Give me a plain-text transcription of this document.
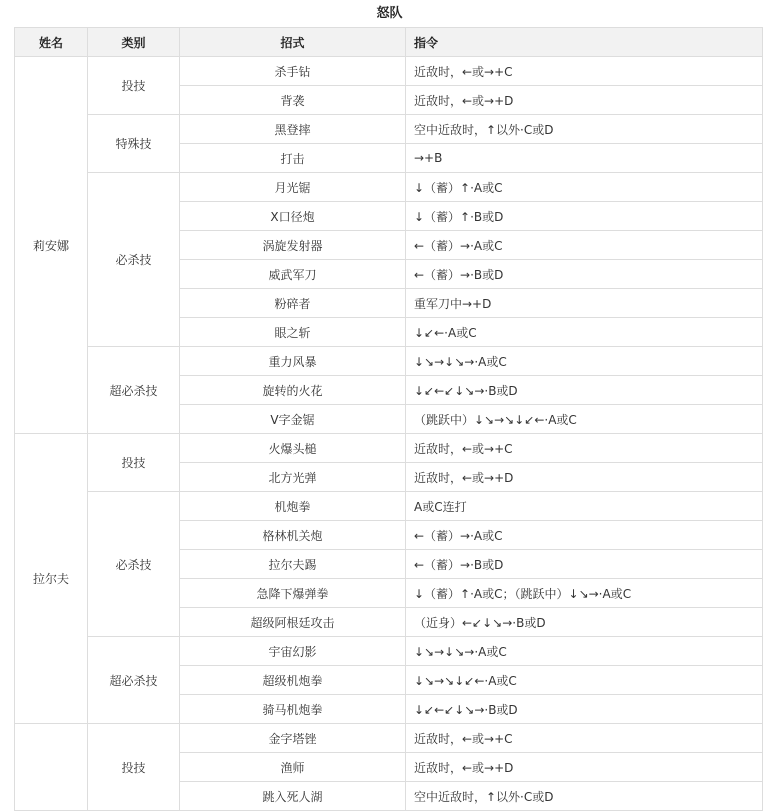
怒队
姓名	类别	招式	指令
莉安娜	投技	杀手钻	近敌时，←或→+C
		背袭	近敌时，←或→+D
	特殊技	黑登摔	空中近敌时，↑以外·C或D
		打击	→+B
	必杀技	月光锯	↓（蓄）↑·A或C
		X口径炮	↓（蓄）↑·B或D
		涡旋发射器	←（蓄）→·A或C
		威武军刀	←（蓄）→·B或D
		粉碎者	重军刀中→+D
		眼之斩	↓↙←·A或C
	超必杀技	重力风暴	↓↘→↓↘→·A或C
		旋转的火花	↓↙←↙↓↘→·B或D
		V字金锯	（跳跃中）↓↘→↘↓↙←·A或C
拉尔夫	投技	火爆头槌	近敌时，←或→+C
		北方光弹	近敌时，←或→+D
	必杀技	机炮拳	A或C连打
		格林机关炮	←（蓄）→·A或C
		拉尔夫踢	←（蓄）→·B或D
		急降下爆弹拳	↓（蓄）↑·A或C；（跳跃中）↓↘→·A或C
		超级阿根廷攻击	（近身）←↙↓↘→·B或D
	超必杀技	宇宙幻影	↓↘→↓↘→·A或C
		超级机炮拳	↓↘→↘↓↙←·A或C
		骑马机炮拳	↓↙←↙↓↘→·B或D
	投技	金字塔锉	近敌时，←或→+C
		渔师	近敌时，←或→+D
		跳入死人湖	空中近敌时，↑以外·C或D
